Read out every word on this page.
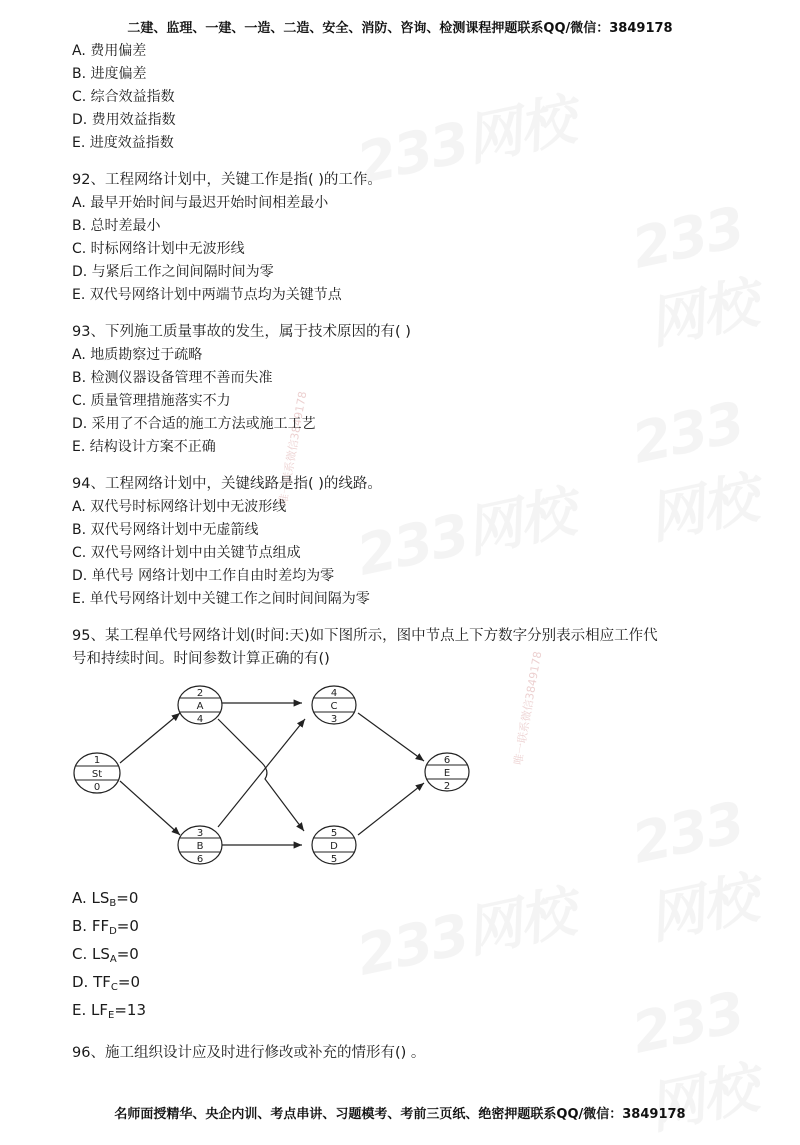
二建、监理、一建、一造、二造、安全、消防、咨询、检测课程押题联系QQ/微信：3849178
唯一联系微信3849178
唯一联系微信3849178
A. 费用偏差
B. 进度偏差
C. 综合效益指数
D. 费用效益指数
E. 进度效益指数
92、工程网络计划中，关键工作是指( )的工作。
A. 最早开始时间与最迟开始时间相差最小
B. 总时差最小
C. 时标网络计划中无波形线
D. 与紧后工作之间间隔时间为零
E. 双代号网络计划中两端节点均为关键节点
93、下列施工质量事故的发生，属于技术原因的有( )
A. 地质勘察过于疏略
B. 检测仪器设备管理不善而失准
C. 质量管理措施落实不力
D. 采用了不合适的施工方法或施工工艺
E. 结构设计方案不正确
94、工程网络计划中，关键线路是指( )的线路。
A. 双代号时标网络计划中无波形线
B. 双代号网络计划中无虚箭线
C. 双代号网络计划中由关键节点组成
D. 单代号 网络计划中工作自由时差均为零
E. 单代号网络计划中关键工作之间时间间隔为零
95、某工程单代号网络计划(时间:天)如下图所示，图中节点上下方数字分别表示相应工作代
号和持续时间。时间参数计算正确的有()
1
St
0
2
A
4
3
B
6
4
C
3
5
D
5
6
E
2
A. $LS_B=0$
B. $FF_D=0$
C. $LS_A=0$
D. $TF_C=0$
E. $LF_E=13$
96、施工组织设计应及时进行修改或补充的情形有() 。
名师面授精华、央企内训、考点串讲、习题模考、考前三页纸、绝密押题联系QQ/微信：3849178
